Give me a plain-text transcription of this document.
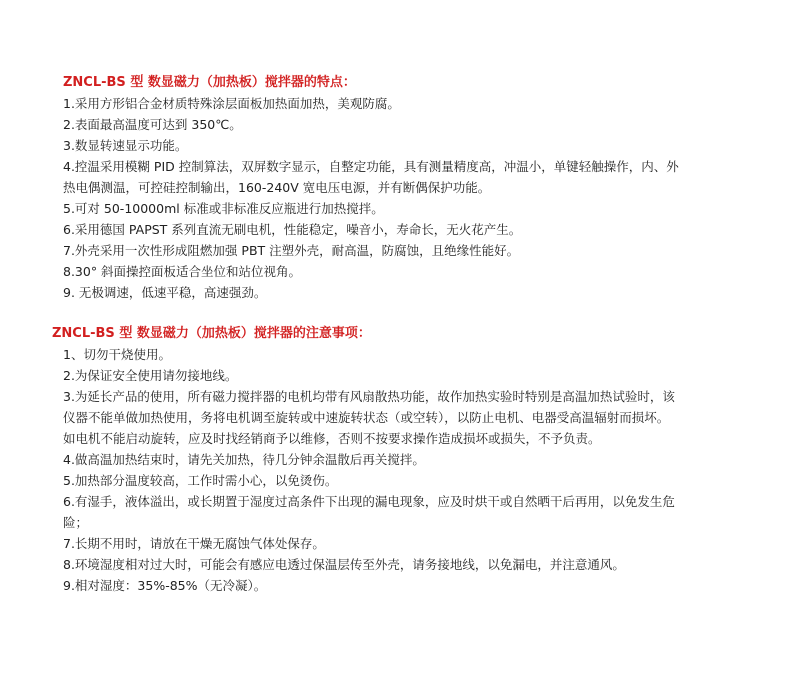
ZNCL-BS 型 数显磁力（加热板）搅拌器的特点：
1.采用方形铝合金材质特殊涂层面板加热面加热，美观防腐。
2.表面最高温度可达到 350℃。
3.数显转速显示功能。
4.控温采用模糊 PID 控制算法，双屏数字显示，自整定功能，具有测量精度高，冲温小，单键轻触操作，内、外
热电偶测温，可控硅控制输出，160-240V 宽电压电源，并有断偶保护功能。
5.可对 50-10000ml 标准或非标准反应瓶进行加热搅拌。
6.采用德国 PAPST 系列直流无刷电机，性能稳定，噪音小，寿命长，无火花产生。
7.外壳采用一次性形成阻燃加强 PBT 注塑外壳，耐高温，防腐蚀，且绝缘性能好。
8.30° 斜面操控面板适合坐位和站位视角。
9. 无极调速，低速平稳，高速强劲。
ZNCL-BS 型 数显磁力（加热板）搅拌器的注意事项：
1、切勿干烧使用。
2.为保证安全使用请勿接地线。
3.为延长产品的使用，所有磁力搅拌器的电机均带有风扇散热功能，故作加热实验时特别是高温加热试验时，该
仪器不能单做加热使用，务将电机调至旋转或中速旋转状态（或空转），以防止电机、电器受高温辐射而损坏。
如电机不能启动旋转，应及时找经销商予以维修，否则不按要求操作造成损坏或损失，不予负责。
4.做高温加热结束时，请先关加热，待几分钟余温散后再关搅拌。
5.加热部分温度较高，工作时需小心，以免烫伤。
6.有湿手，液体溢出，或长期置于湿度过高条件下出现的漏电现象，应及时烘干或自然晒干后再用，以免发生危
险；
7.长期不用时，请放在干燥无腐蚀气体处保存。
8.环境湿度相对过大时，可能会有感应电透过保温层传至外壳，请务接地线，以免漏电，并注意通风。
9.相对湿度：35%-85%（无冷凝）。
